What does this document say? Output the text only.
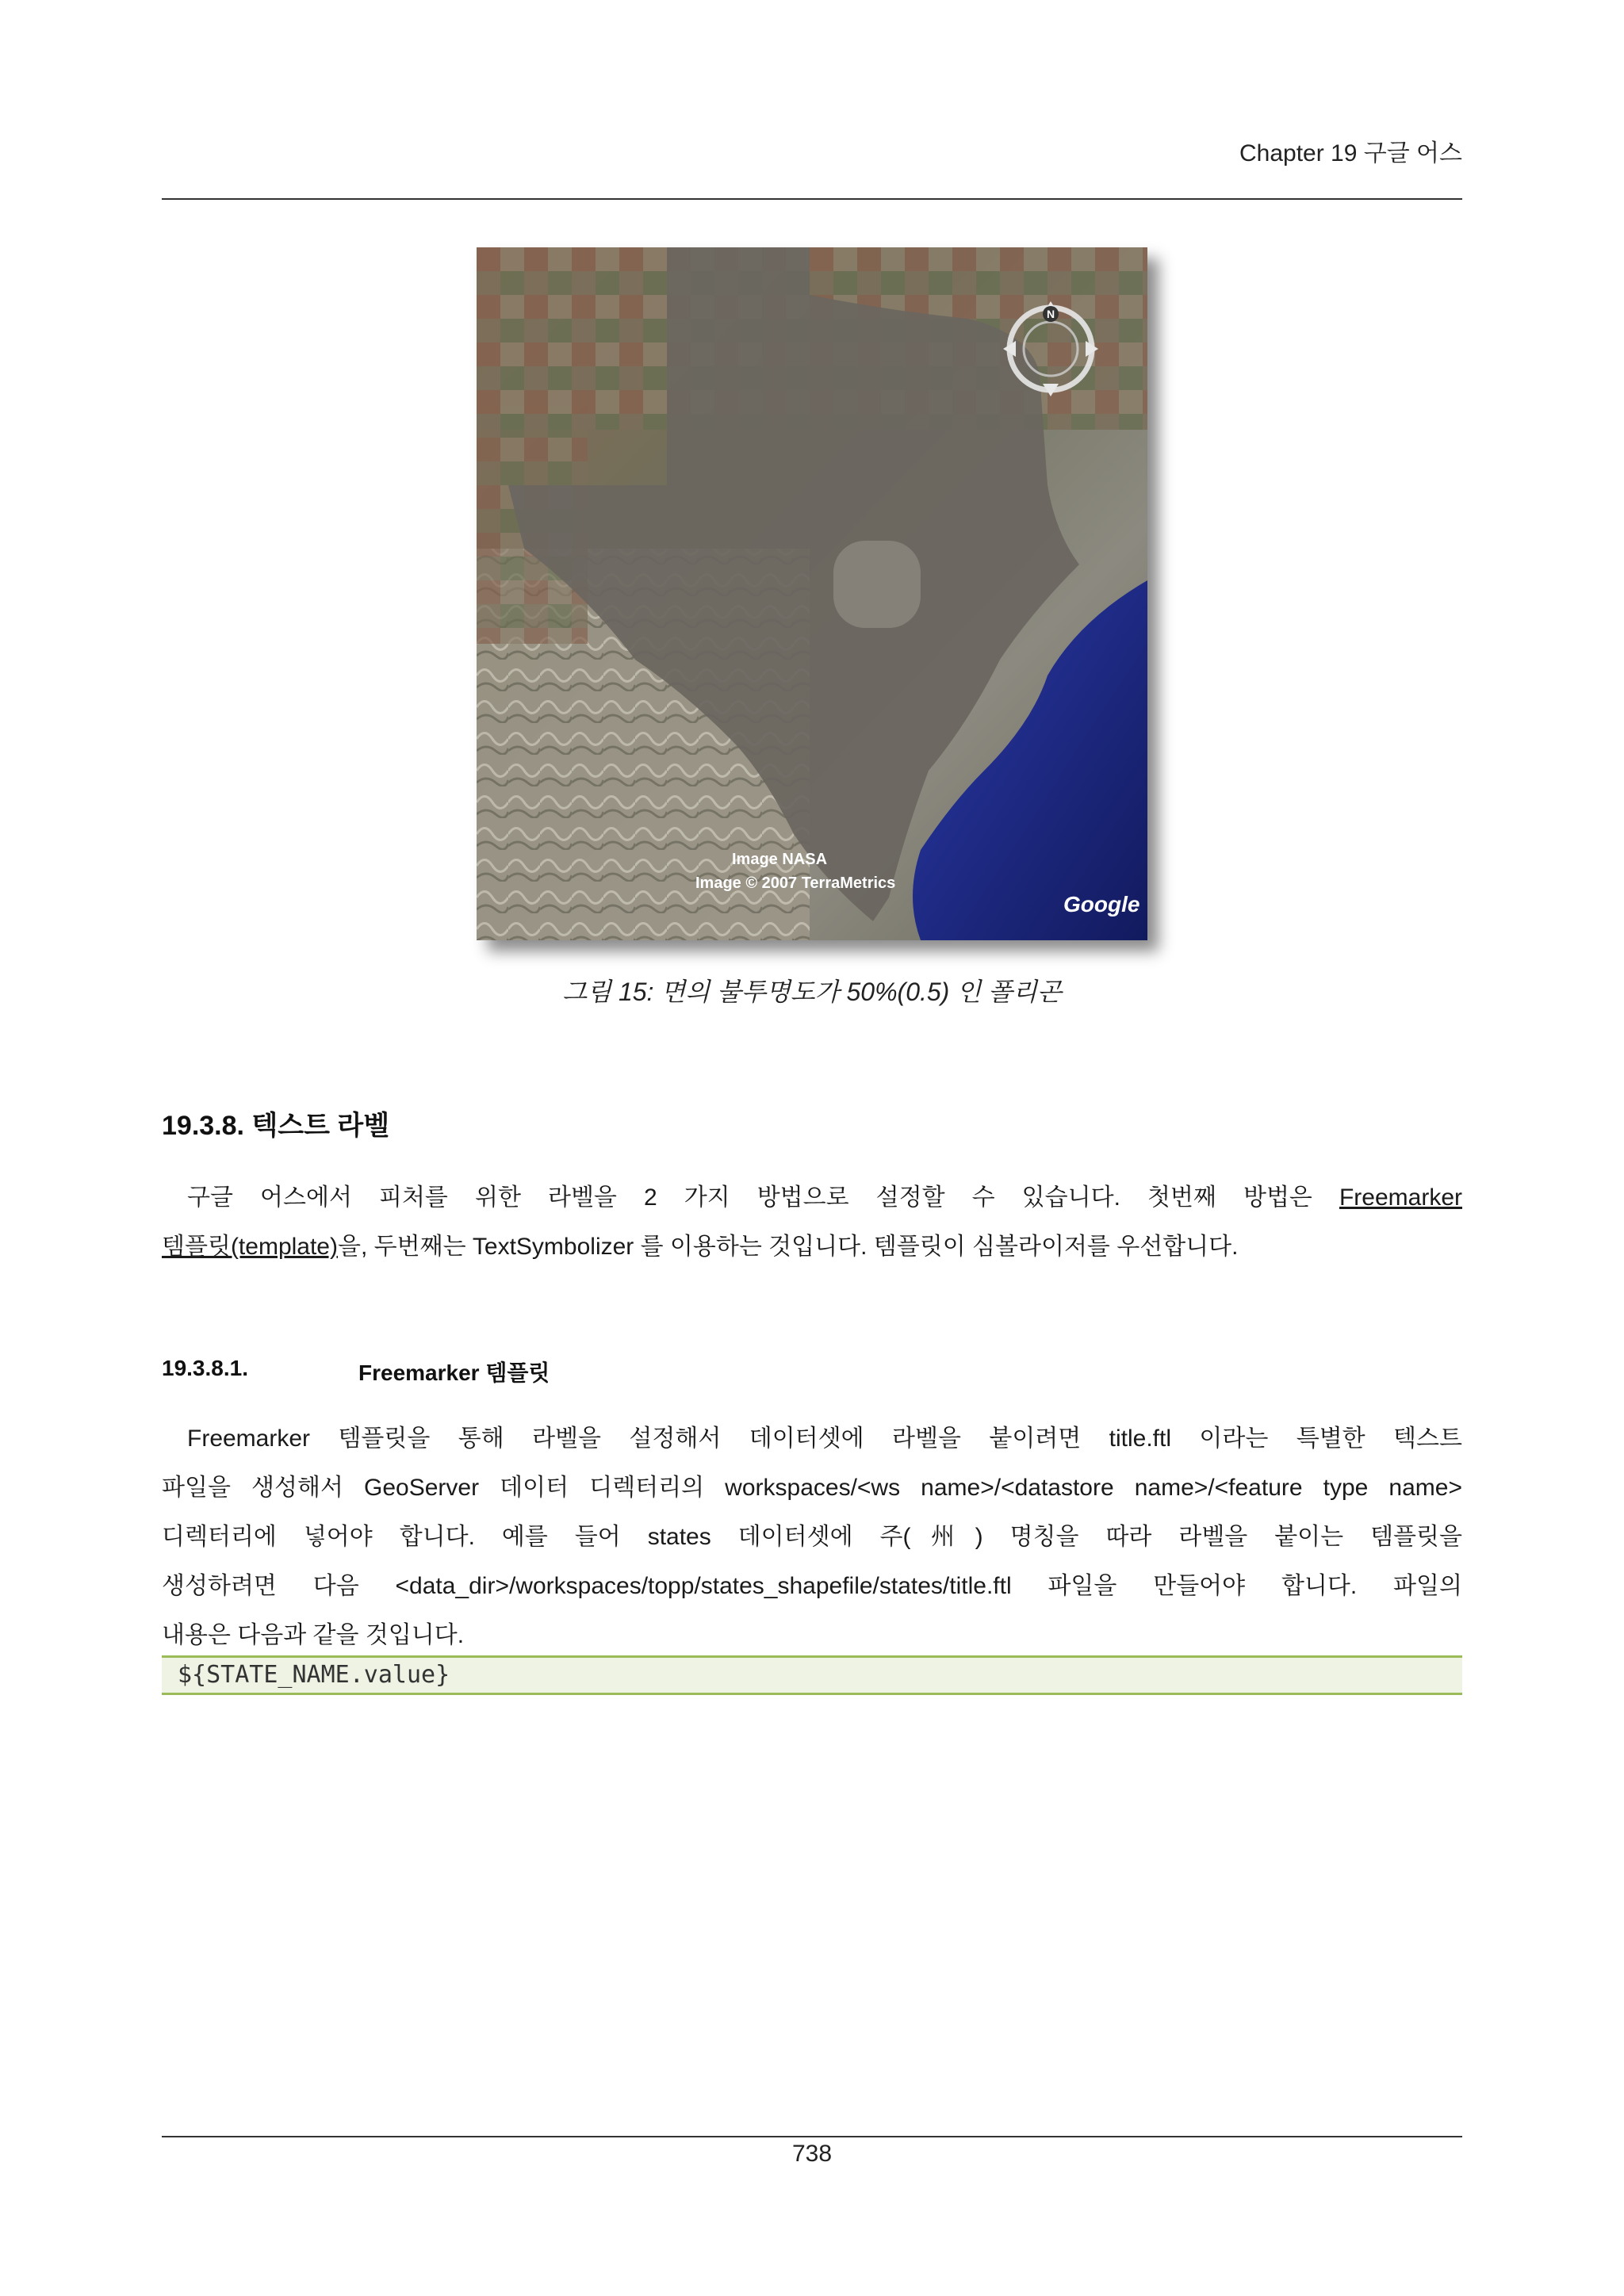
Chapter 19 구글 어스
N
Image NASA
Image © 2007 TerraMetrics
Google
그림 15: 면의 불투명도가 50%(0.5) 인 폴리곤
19.3.8. 텍스트 라벨
구글 어스에서 피처를 위한 라벨을 2 가지 방법으로 설정할 수 있습니다. 첫번째 방법은 Freemarker
템플릿(template)을, 두번째는 TextSymbolizer 를 이용하는 것입니다. 템플릿이 심볼라이저를 우선합니다.
19.3.8.1.	Freemarker 템플릿
Freemarker 템플릿을 통해 라벨을 설정해서 데이터셋에 라벨을 붙이려면 title.ftl 이라는 특별한 텍스트
파일을 생성해서 GeoServer 데이터 디렉터리의 workspaces/<ws name>/<datastore name>/<feature type name>
디렉터리에 넣어야 합니다. 예를 들어 states 데이터셋에 주(州) 명칭을 따라 라벨을 붙이는 템플릿을
생성하려면 다음 <data_dir>/workspaces/topp/states_shapefile/states/title.ftl 파일을 만들어야 합니다. 파일의
내용은 다음과 같을 것입니다.
${STATE_NAME.value}
738
